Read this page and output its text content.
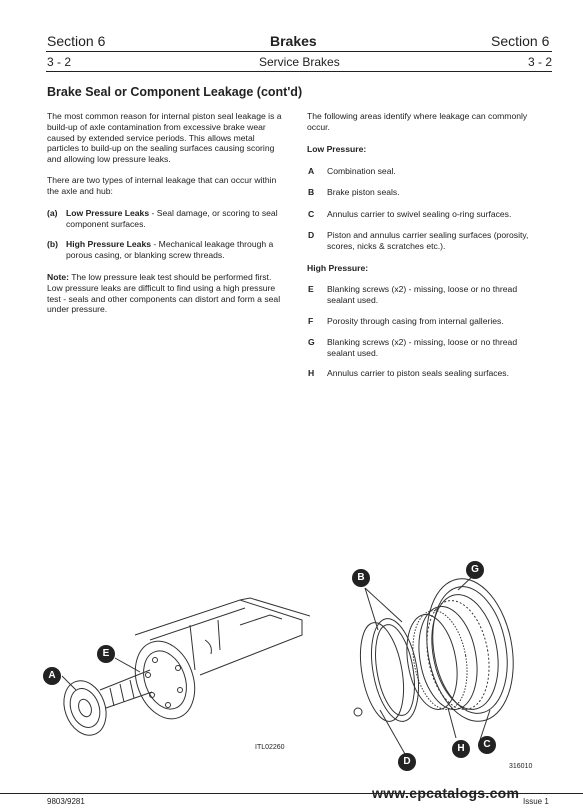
Section 6	Brakes	Section 6
3 - 2	Service Brakes	3 - 2
Brake Seal or Component Leakage (cont'd)
The most common reason for internal piston seal leakage is a build-up of axle contamination from excessive brake wear caused by extended service periods. This allows metal particles to build-up on the sealing surfaces causing scoring and allowing low pressure leaks.
There are two types of internal leakage that can occur within the axle and hub:
(a) Low Pressure Leaks - Seal damage, or scoring to seal component surfaces.
(b) High Pressure Leaks - Mechanical leakage through a porous casing, or blanking screw threads.
Note: The low pressure leak test should be performed first. Low pressure leaks are difficult to find using a high pressure test - seals and other components can distort and form a seal under pressure.
The following areas identify where leakage can commonly occur.
Low Pressure:
A Combination seal.
B Brake piston seals.
C Annulus carrier to swivel sealing o-ring surfaces.
D Piston and annulus carrier sealing surfaces (porosity, scores, nicks & scratches etc.).
High Pressure:
E Blanking screws (x2) - missing, loose or no thread sealant used.
F Porosity through casing from internal galleries.
G Blanking screws (x2) - missing, loose or no thread sealant used.
H Annulus carrier to piston seals sealing surfaces.
A
E
ITL02260
B
G
C
H
D	316010
9803/9281
www.epcatalogs.com
Issue 1
